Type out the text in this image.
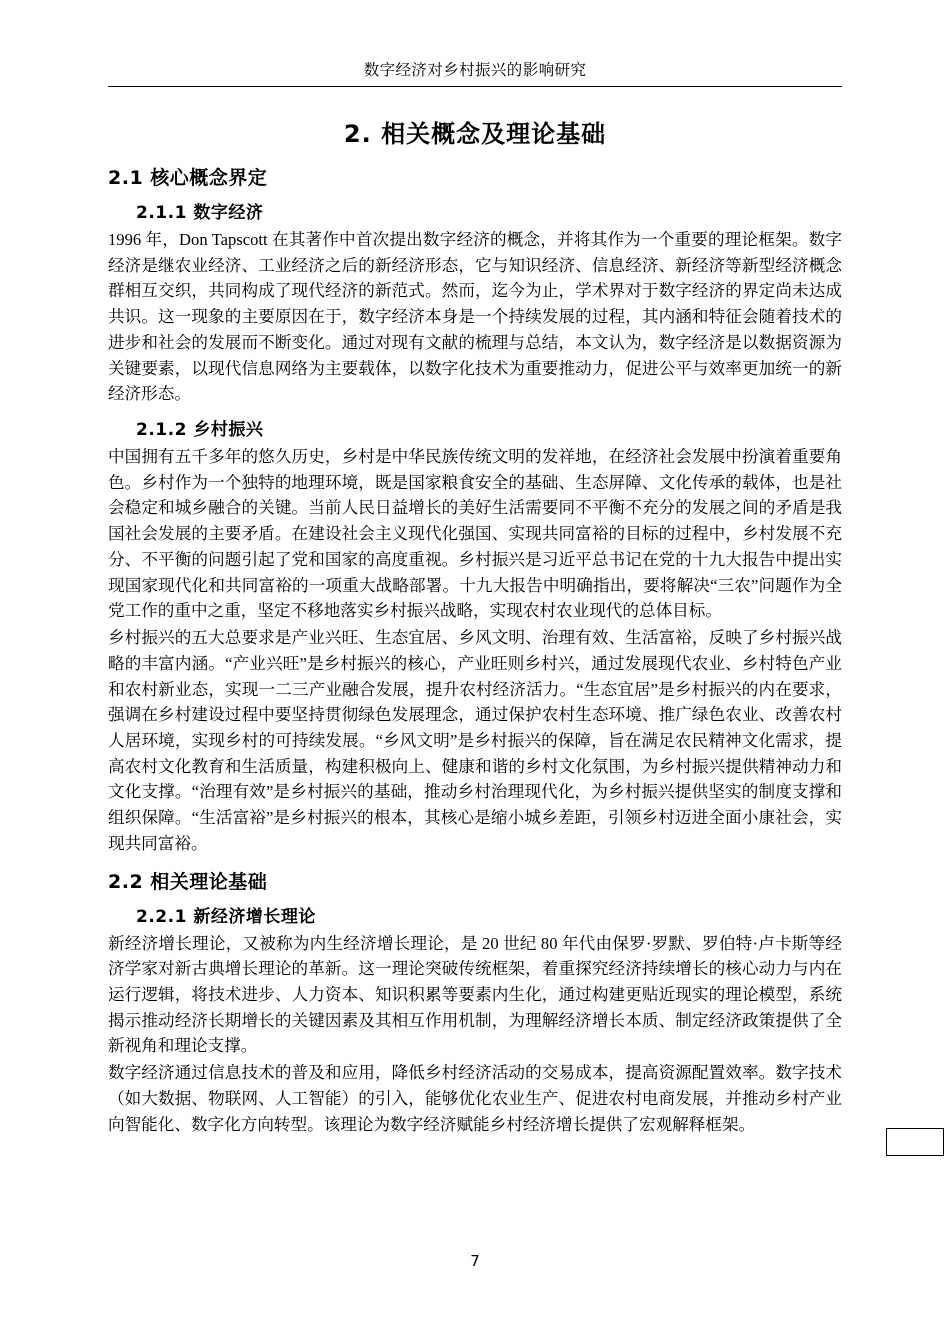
数字经济对乡村振兴的影响研究
2. 相关概念及理论基础
2.1 核心概念界定
2.1.1 数字经济

1996 年，Don Tapscott 在其著作中首次提出数字经济的概念，并将其作为一个重要的理论框架。数字经济是继农业经济、工业经济之后的新经济形态，它与知识经济、信息经济、新经济等新型经济概念群相互交织，共同构成了现代经济的新范式。然而，迄今为止，学术界对于数字经济的界定尚未达成共识。这一现象的主要原因在于，数字经济本身是一个持续发展的过程，其内涵和特征会随着技术的进步和社会的发展而不断变化。通过对现有文献的梳理与总结，本文认为，数字经济是以数据资源为关键要素，以现代信息网络为主要载体，以数字化技术为重要推动力，促进公平与效率更加统一的新经济形态。

2.1.2 乡村振兴

中国拥有五千多年的悠久历史，乡村是中华民族传统文明的发祥地，在经济社会发展中扮演着重要角色。乡村作为一个独特的地理环境，既是国家粮食安全的基础、生态屏障、文化传承的载体，也是社会稳定和城乡融合的关键。当前人民日益增长的美好生活需要同不平衡不充分的发展之间的矛盾是我国社会发展的主要矛盾。在建设社会主义现代化强国、实现共同富裕的目标的过程中，乡村发展不充分、不平衡的问题引起了党和国家的高度重视。乡村振兴是习近平总书记在党的十九大报告中提出实现国家现代化和共同富裕的一项重大战略部署。十九大报告中明确指出，要将解决“三农”问题作为全党工作的重中之重，坚定不移地落实乡村振兴战略，实现农村农业现代的总体目标。

乡村振兴的五大总要求是产业兴旺、生态宜居、乡风文明、治理有效、生活富裕，反映了乡村振兴战略的丰富内涵。“产业兴旺”是乡村振兴的核心，产业旺则乡村兴，通过发展现代农业、乡村特色产业和农村新业态，实现一二三产业融合发展，提升农村经济活力。“生态宜居”是乡村振兴的内在要求，强调在乡村建设过程中要坚持贯彻绿色发展理念，通过保护农村生态环境、推广绿色农业、改善农村人居环境，实现乡村的可持续发展。“乡风文明”是乡村振兴的保障，旨在满足农民精神文化需求，提高农村文化教育和生活质量，构建积极向上、健康和谐的乡村文化氛围，为乡村振兴提供精神动力和文化支撑。“治理有效”是乡村振兴的基础，推动乡村治理现代化，为乡村振兴提供坚实的制度支撑和组织保障。“生活富裕”是乡村振兴的根本，其核心是缩小城乡差距，引领乡村迈进全面小康社会，实现共同富裕。

2.2 相关理论基础
2.2.1 新经济增长理论

新经济增长理论，又被称为内生经济增长理论，是 20 世纪 80 年代由保罗·罗默、罗伯特·卢卡斯等经济学家对新古典增长理论的革新。这一理论突破传统框架，着重探究经济持续增长的核心动力与内在运行逻辑，将技术进步、人力资本、知识积累等要素内生化，通过构建更贴近现实的理论模型，系统揭示推动经济长期增长的关键因素及其相互作用机制，为理解经济增长本质、制定经济政策提供了全新视角和理论支撑。

数字经济通过信息技术的普及和应用，降低乡村经济活动的交易成本，提高资源配置效率。数字技术（如大数据、物联网、人工智能）的引入，能够优化农业生产、促进农村电商发展，并推动乡村产业向智能化、数字化方向转型。该理论为数字经济赋能乡村经济增长提供了宏观解释框架。

7
